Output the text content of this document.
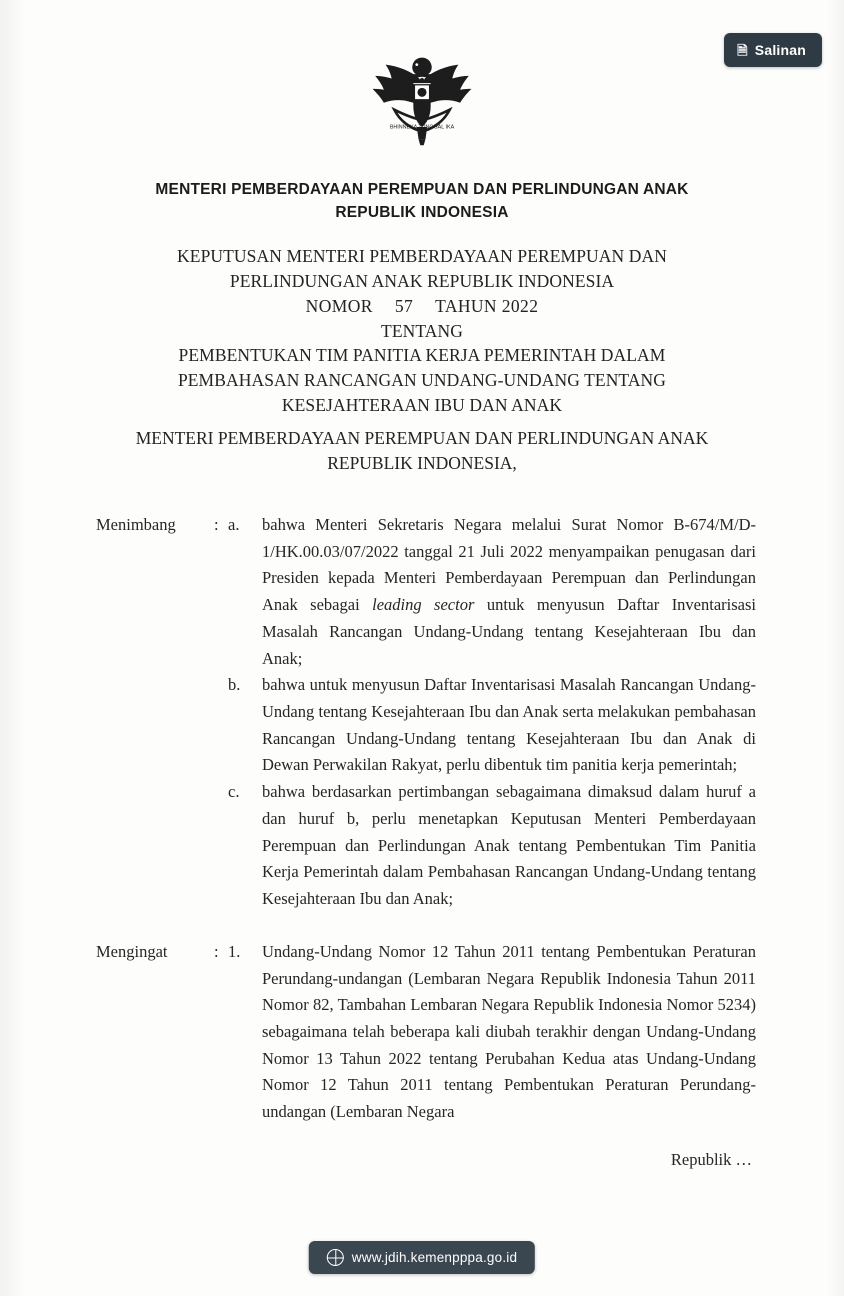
🗎 Salinan
BHINNEKA TUNGGAL IKA
MENTERI PEMBERDAYAAN PEREMPUAN DAN PERLINDUNGAN ANAK
REPUBLIK INDONESIA
KEPUTUSAN MENTERI PEMBERDAYAAN PEREMPUAN DAN
PERLINDUNGAN ANAK REPUBLIK INDONESIA
NOMOR 57 TAHUN 2022
TENTANG
PEMBENTUKAN TIM PANITIA KERJA PEMERINTAH DALAM
PEMBAHASAN RANCANGAN UNDANG-UNDANG TENTANG
KESEJAHTERAAN IBU DAN ANAK
MENTERI PEMBERDAYAAN PEREMPUAN DAN PERLINDUNGAN ANAK
REPUBLIK INDONESIA,
Menimbang	: a.	bahwa Menteri Sekretaris Negara melalui Surat Nomor B-674/M/D-1/HK.00.03/07/2022 tanggal 21 Juli 2022 menyampaikan penugasan dari Presiden kepada Menteri Pemberdayaan Perempuan dan Perlindungan Anak sebagai leading sector untuk menyusun Daftar Inventarisasi Masalah Rancangan Undang-Undang tentang Kesejahteraan Ibu dan Anak;
b.	bahwa untuk menyusun Daftar Inventarisasi Masalah Rancangan Undang-Undang tentang Kesejahteraan Ibu dan Anak serta melakukan pembahasan Rancangan Undang-Undang tentang Kesejahteraan Ibu dan Anak di Dewan Perwakilan Rakyat, perlu dibentuk tim panitia kerja pemerintah;
c.	bahwa berdasarkan pertimbangan sebagaimana dimaksud dalam huruf a dan huruf b, perlu menetapkan Keputusan Menteri Pemberdayaan Perempuan dan Perlindungan Anak tentang Pembentukan Tim Panitia Kerja Pemerintah dalam Pembahasan Rancangan Undang-Undang tentang Kesejahteraan Ibu dan Anak;
Mengingat	: 1.	Undang-Undang Nomor 12 Tahun 2011 tentang Pembentukan Peraturan Perundang-undangan (Lembaran Negara Republik Indonesia Tahun 2011 Nomor 82, Tambahan Lembaran Negara Republik Indonesia Nomor 5234) sebagaimana telah beberapa kali diubah terakhir dengan Undang-Undang Nomor 13 Tahun 2022 tentang Perubahan Kedua atas Undang-Undang Nomor 12 Tahun 2011 tentang Pembentukan Peraturan Perundang-undangan (Lembaran Negara
Republik …
www.jdih.kemenpppa.go.id
